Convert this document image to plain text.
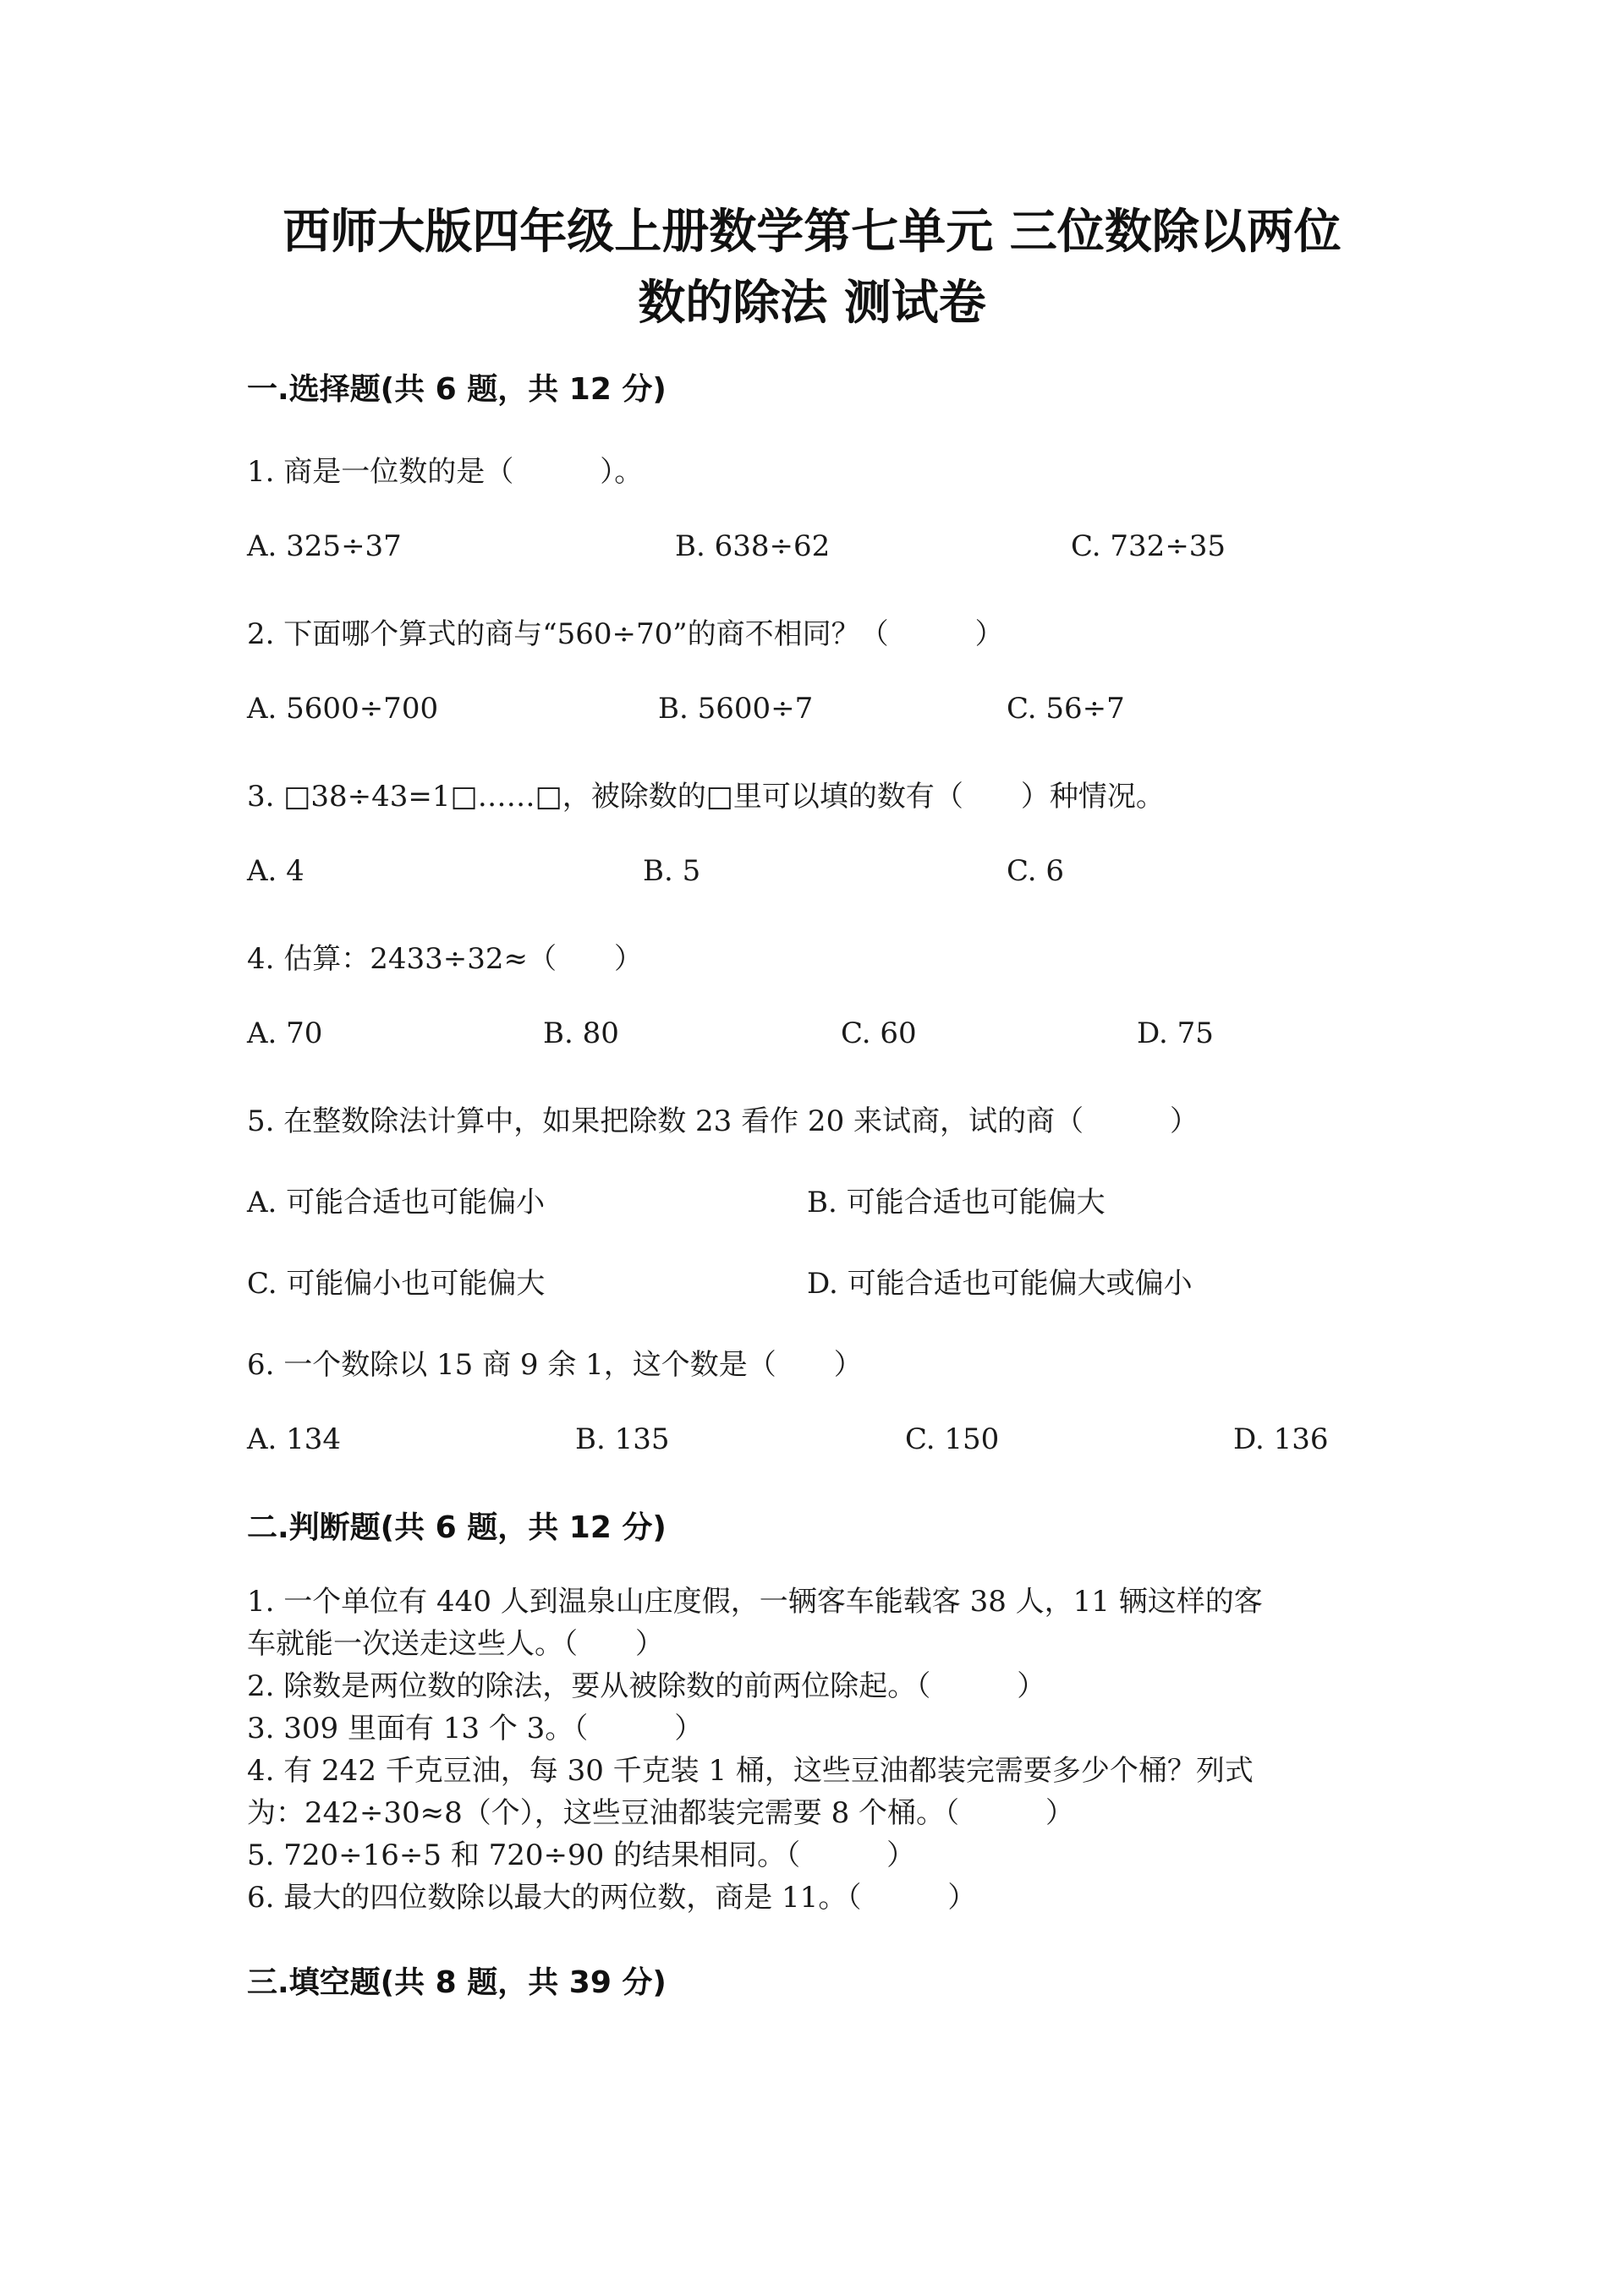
西师大版四年级上册数学第七单元 三位数除以两位
数的除法 测试卷
一.选择题(共 6 题，共 12 分)
1. 商是一位数的是（　　　）。
A. 325÷37	B. 638÷62	C. 732÷35
2. 下面哪个算式的商与“560÷70”的商不相同？（　　　）
A. 5600÷700	B. 5600÷7	C. 56÷7
3. □38÷43=1□……□，被除数的□里可以填的数有（　　）种情况。
A. 4	B. 5	C. 6
4. 估算：2433÷32≈（　　）
A. 70	B. 80	C. 60	D. 75
5. 在整数除法计算中，如果把除数 23 看作 20 来试商，试的商（　　　）
A. 可能合适也可能偏小	B. 可能合适也可能偏大
C. 可能偏小也可能偏大	D. 可能合适也可能偏大或偏小
6. 一个数除以 15 商 9 余 1，这个数是（　　）
A. 134	B. 135	C. 150	D. 136
二.判断题(共 6 题，共 12 分)
1. 一个单位有 440 人到温泉山庄度假，一辆客车能载客 38 人，11 辆这样的客
车就能一次送走这些人。（　　）
2. 除数是两位数的除法，要从被除数的前两位除起。（　　　）
3. 309 里面有 13 个 3。（　　　）
4. 有 242 千克豆油，每 30 千克装 1 桶，这些豆油都装完需要多少个桶？列式
为：242÷30≈8（个），这些豆油都装完需要 8 个桶。（　　　）
5. 720÷16÷5 和 720÷90 的结果相同。（　　　）
6. 最大的四位数除以最大的两位数，商是 11。（　　　）
三.填空题(共 8 题，共 39 分)
